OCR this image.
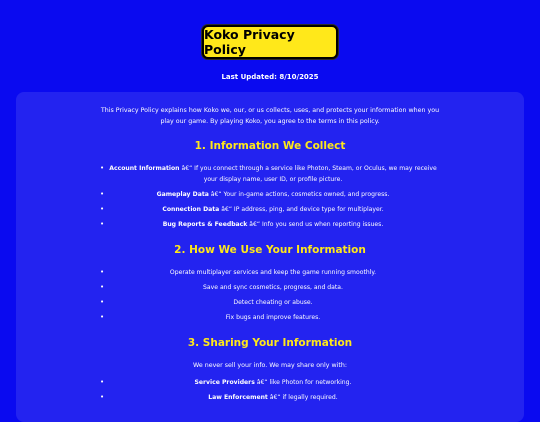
Koko Privacy Policy
Last Updated: 8/10/2025
This Privacy Policy explains how Koko we, our, or us collects, uses, and protects your information when you play our game. By playing Koko, you agree to the terms in this policy.
1. Information We Collect
• Account Information â€“ If you connect through a service like Photon, Steam, or Oculus, we may receive your display name, user ID, or profile picture.
•	Gameplay Data â€“ Your in-game actions, cosmetics owned, and progress.
•	Connection Data â€“ IP address, ping, and device type for multiplayer.
•	Bug Reports & Feedback â€“ Info you send us when reporting issues.
2. How We Use Your Information
•	Operate multiplayer services and keep the game running smoothly.
•	Save and sync cosmetics, progress, and data.
•	Detect cheating or abuse.
•	Fix bugs and improve features.
3. Sharing Your Information
We never sell your info. We may share only with:
•	Service Providers â€“ like Photon for networking.
•	Law Enforcement â€“ if legally required.
